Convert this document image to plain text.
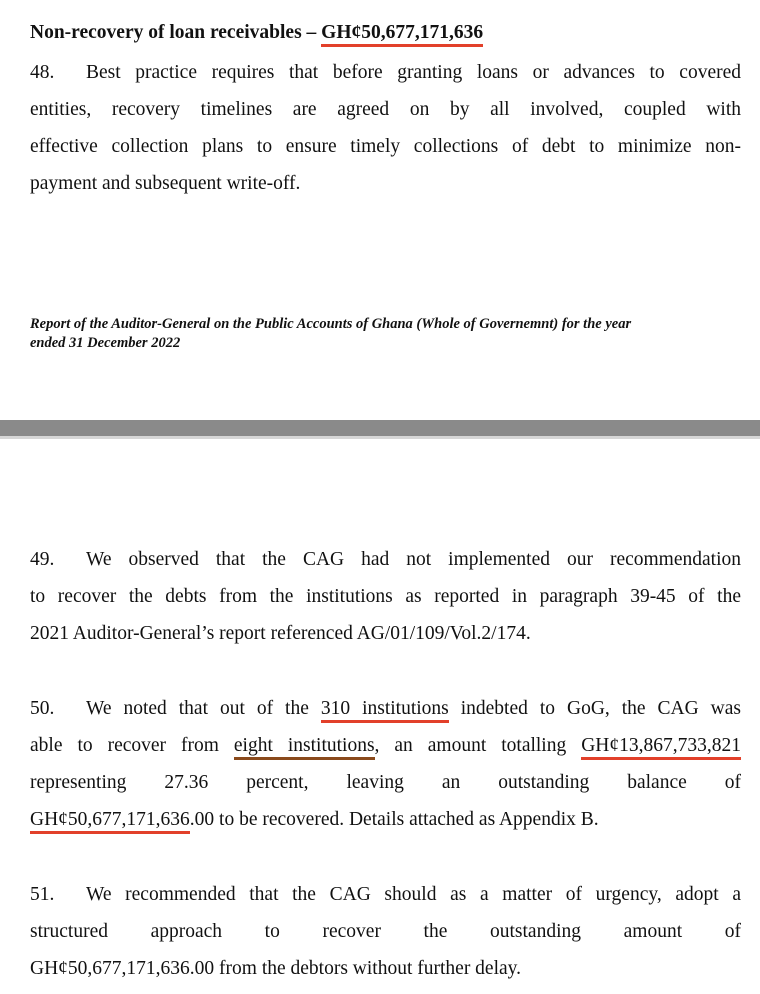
Non-recovery of loan receivables – GH¢50,677,171,636
48. Best practice requires that before granting loans or advances to covered
entities, recovery timelines are agreed on by all involved, coupled with
effective collection plans to ensure timely collections of debt to minimize non-
payment and subsequent write-off.
Report of the Auditor-General on the Public Accounts of Ghana (Whole of Governemnt) for the year
ended 31 December 2022
49. We observed that the CAG had not implemented our recommendation
to recover the debts from the institutions as reported in paragraph 39-45 of the
2021 Auditor-General’s report referenced AG/01/109/Vol.2/174.
50. We noted that out of the 310 institutions indebted to GoG, the CAG was
able to recover from eight institutions, an amount totalling GH¢13,867,733,821
representing 27.36 percent, leaving an outstanding balance of
GH¢50,677,171,636.00 to be recovered. Details attached as Appendix B.
51. We recommended that the CAG should as a matter of urgency, adopt a
structured approach to recover the outstanding amount of
GH¢50,677,171,636.00 from the debtors without further delay.
